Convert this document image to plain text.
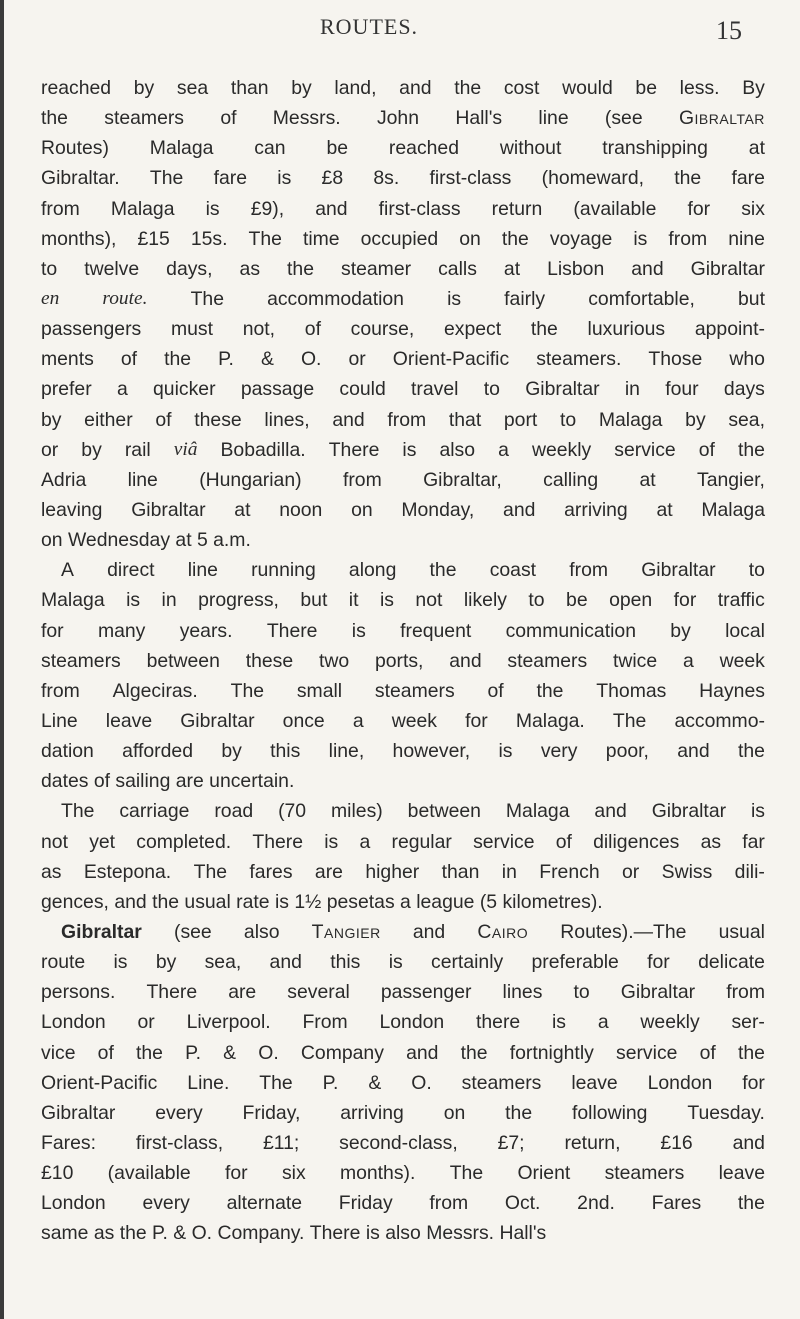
ROUTES.	15
reached by sea than by land, and the cost would be less. By
the steamers of Messrs. John Hall's line (see Gibraltar
Routes) Malaga can be reached without transhipping at
Gibraltar. The fare is £8 8s. first-class (homeward, the fare
from Malaga is £9), and first-class return (available for six
months), £15 15s. The time occupied on the voyage is from nine
to twelve days, as the steamer calls at Lisbon and Gibraltar
en route. The accommodation is fairly comfortable, but
passengers must not, of course, expect the luxurious appoint-
ments of the P. & O. or Orient-Pacific steamers. Those who
prefer a quicker passage could travel to Gibraltar in four days
by either of these lines, and from that port to Malaga by sea,
or by rail viâ Bobadilla. There is also a weekly service of the
Adria line (Hungarian) from Gibraltar, calling at Tangier,
leaving Gibraltar at noon on Monday, and arriving at Malaga
on Wednesday at 5 a.m.
A direct line running along the coast from Gibraltar to
Malaga is in progress, but it is not likely to be open for traffic
for many years. There is frequent communication by local
steamers between these two ports, and steamers twice a week
from Algeciras. The small steamers of the Thomas Haynes
Line leave Gibraltar once a week for Malaga. The accommo-
dation afforded by this line, however, is very poor, and the
dates of sailing are uncertain.
The carriage road (70 miles) between Malaga and Gibraltar is
not yet completed. There is a regular service of diligences as far
as Estepona. The fares are higher than in French or Swiss dili-
gences, and the usual rate is 1½ pesetas a league (5 kilometres).
Gibraltar (see also Tangier and Cairo Routes).—The usual
route is by sea, and this is certainly preferable for delicate
persons. There are several passenger lines to Gibraltar from
London or Liverpool. From London there is a weekly ser-
vice of the P. & O. Company and the fortnightly service of the
Orient-Pacific Line. The P. & O. steamers leave London for
Gibraltar every Friday, arriving on the following Tuesday.
Fares: first-class, £11; second-class, £7; return, £16 and
£10 (available for six months). The Orient steamers leave
London every alternate Friday from Oct. 2nd. Fares the
same as the P. & O. Company. There is also Messrs. Hall's
